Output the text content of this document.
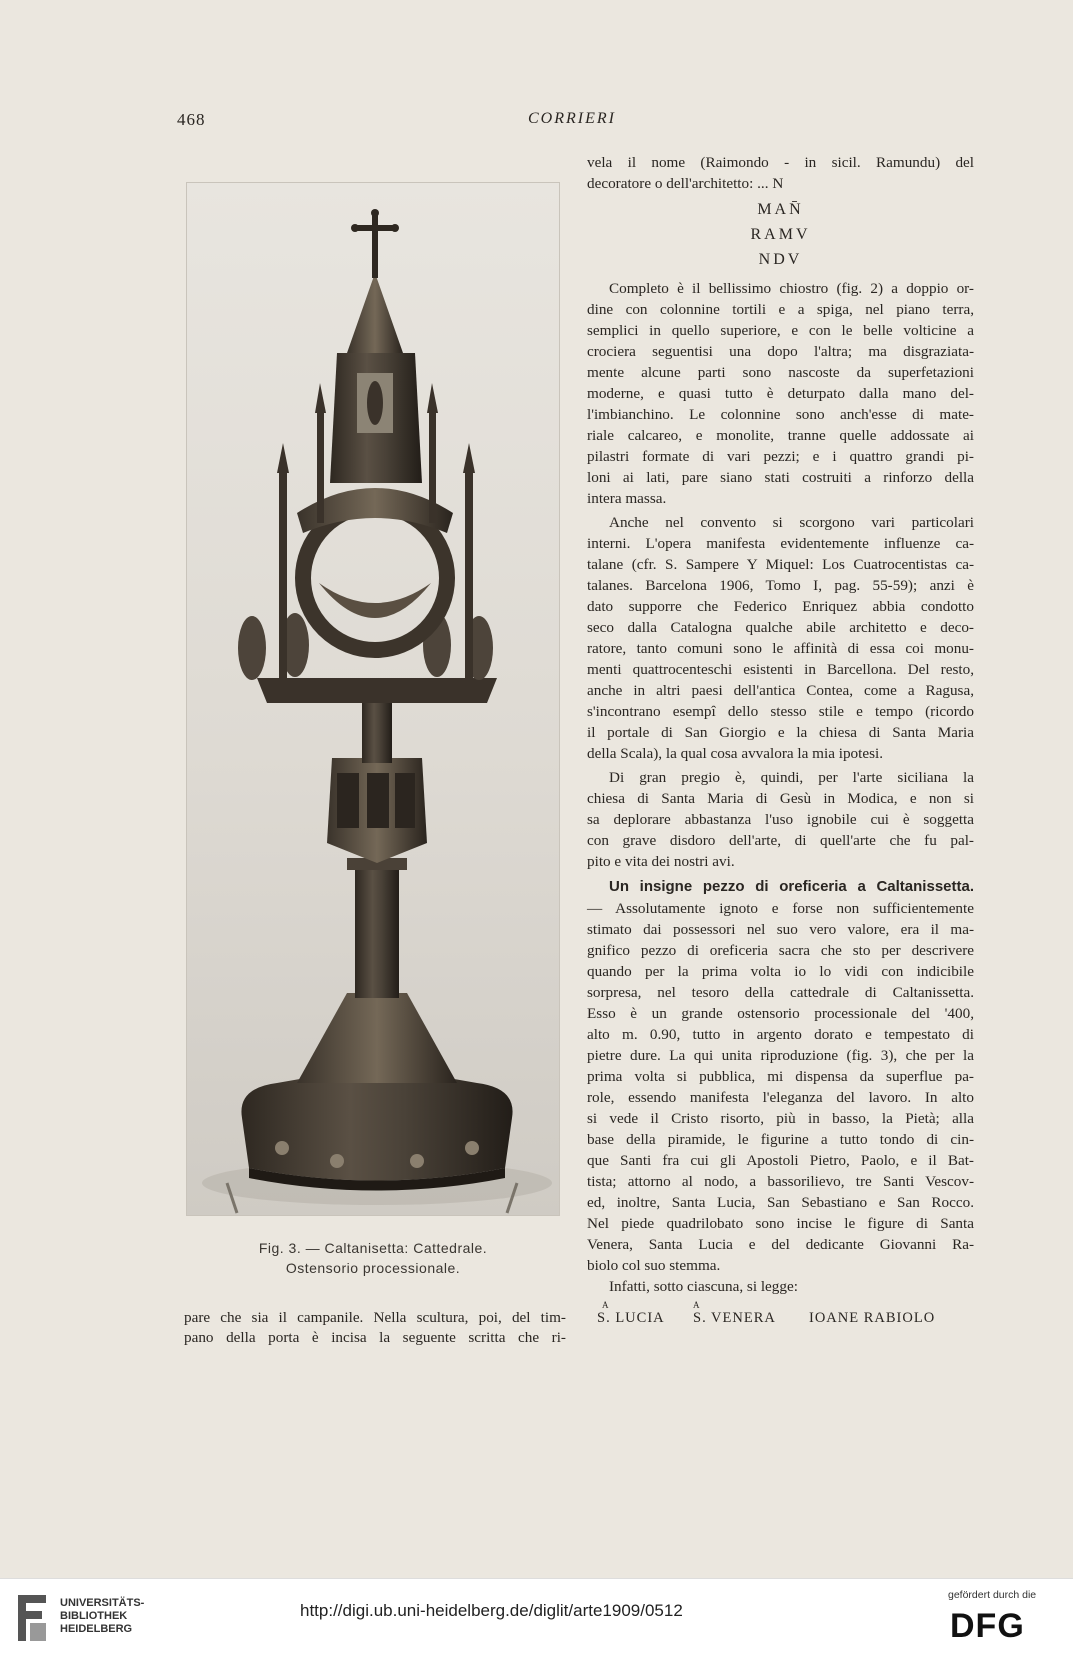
468	CORRIERI
Fig. 3. — Caltanisetta: Cattedrale.
Ostensorio processionale.
pare che sia il campanile. Nella scultura, poi, del tim-
pano della porta è incisa la seguente scritta che ri-
vela il nome (Raimondo - in sicil. Ramundu) del
decoratore o dell'architetto: ... N
MAN̄
RAMV
NDV
Completo è il bellissimo chiostro (fig. 2) a doppio or-
dine con colonnine tortili e a spiga, nel piano terra,
semplici in quello superiore, e con le belle volticine a
crociera seguentisi una dopo l'altra; ma disgraziata-
mente alcune parti sono nascoste da superfetazioni
moderne, e quasi tutto è deturpato dalla mano del-
l'imbianchino. Le colonnine sono anch'esse di mate-
riale calcareo, e monolite, tranne quelle addossate ai
pilastri formate di vari pezzi; e i quattro grandi pi-
loni ai lati, pare siano stati costruiti a rinforzo della
intera massa.
Anche nel convento si scorgono vari particolari
interni. L'opera manifesta evidentemente influenze ca-
talane (cfr. S. Sampere Y Miquel: Los Cuatrocentistas ca-
talanes. Barcelona 1906, Tomo I, pag. 55-59); anzi è
dato supporre che Federico Enriquez abbia condotto
seco dalla Catalogna qualche abile architetto e deco-
ratore, tanto comuni sono le affinità di essa coi monu-
menti quattrocenteschi esistenti in Barcellona. Del resto,
anche in altri paesi dell'antica Contea, come a Ragusa,
s'incontrano esempî dello stesso stile e tempo (ricordo
il portale di San Giorgio e la chiesa di Santa Maria
della Scala), la qual cosa avvalora la mia ipotesi.
Di gran pregio è, quindi, per l'arte siciliana la
chiesa di Santa Maria di Gesù in Modica, e non si
sa deplorare abbastanza l'uso ignobile cui è soggetta
con grave disdoro dell'arte, di quell'arte che fu pal-
pito e vita dei nostri avi.
Un insigne pezzo di oreficeria a Caltanissetta.
— Assolutamente ignoto e forse non sufficientemente
stimato dai possessori nel suo vero valore, era il ma-
gnifico pezzo di oreficeria sacra che sto per descrivere
quando per la prima volta io lo vidi con indicibile
sorpresa, nel tesoro della cattedrale di Caltanissetta.
Esso è un grande ostensorio processionale del '400,
alto m. 0.90, tutto in argento dorato e tempestato di
pietre dure. La qui unita riproduzione (fig. 3), che per la
prima volta si pubblica, mi dispensa da superflue pa-
role, essendo manifesta l'eleganza del lavoro. In alto
si vede il Cristo risorto, più in basso, la Pietà; alla
base della piramide, le figurine a tutto tondo di cin-
que Santi fra cui gli Apostoli Pietro, Paolo, e il Bat-
tista; attorno al nodo, a bassorilievo, tre Santi Vescov-
ed, inoltre, Santa Lucia, San Sebastiano e San Rocco.
Nel piede quadrilobato sono incise le figure di Santa
Venera, Santa Lucia e del dedicante Giovanni Ra-
biolo col suo stemma.
Infatti, sotto ciascuna, si legge:
A	A
S. LUCIA S. VENERA IOANE RABIOLO
UNIVERSITÄTS-
BIBLIOTHEK
HEIDELBERG
http://digi.ub.uni-heidelberg.de/diglit/arte1909/0512
gefördert durch die
DFG
